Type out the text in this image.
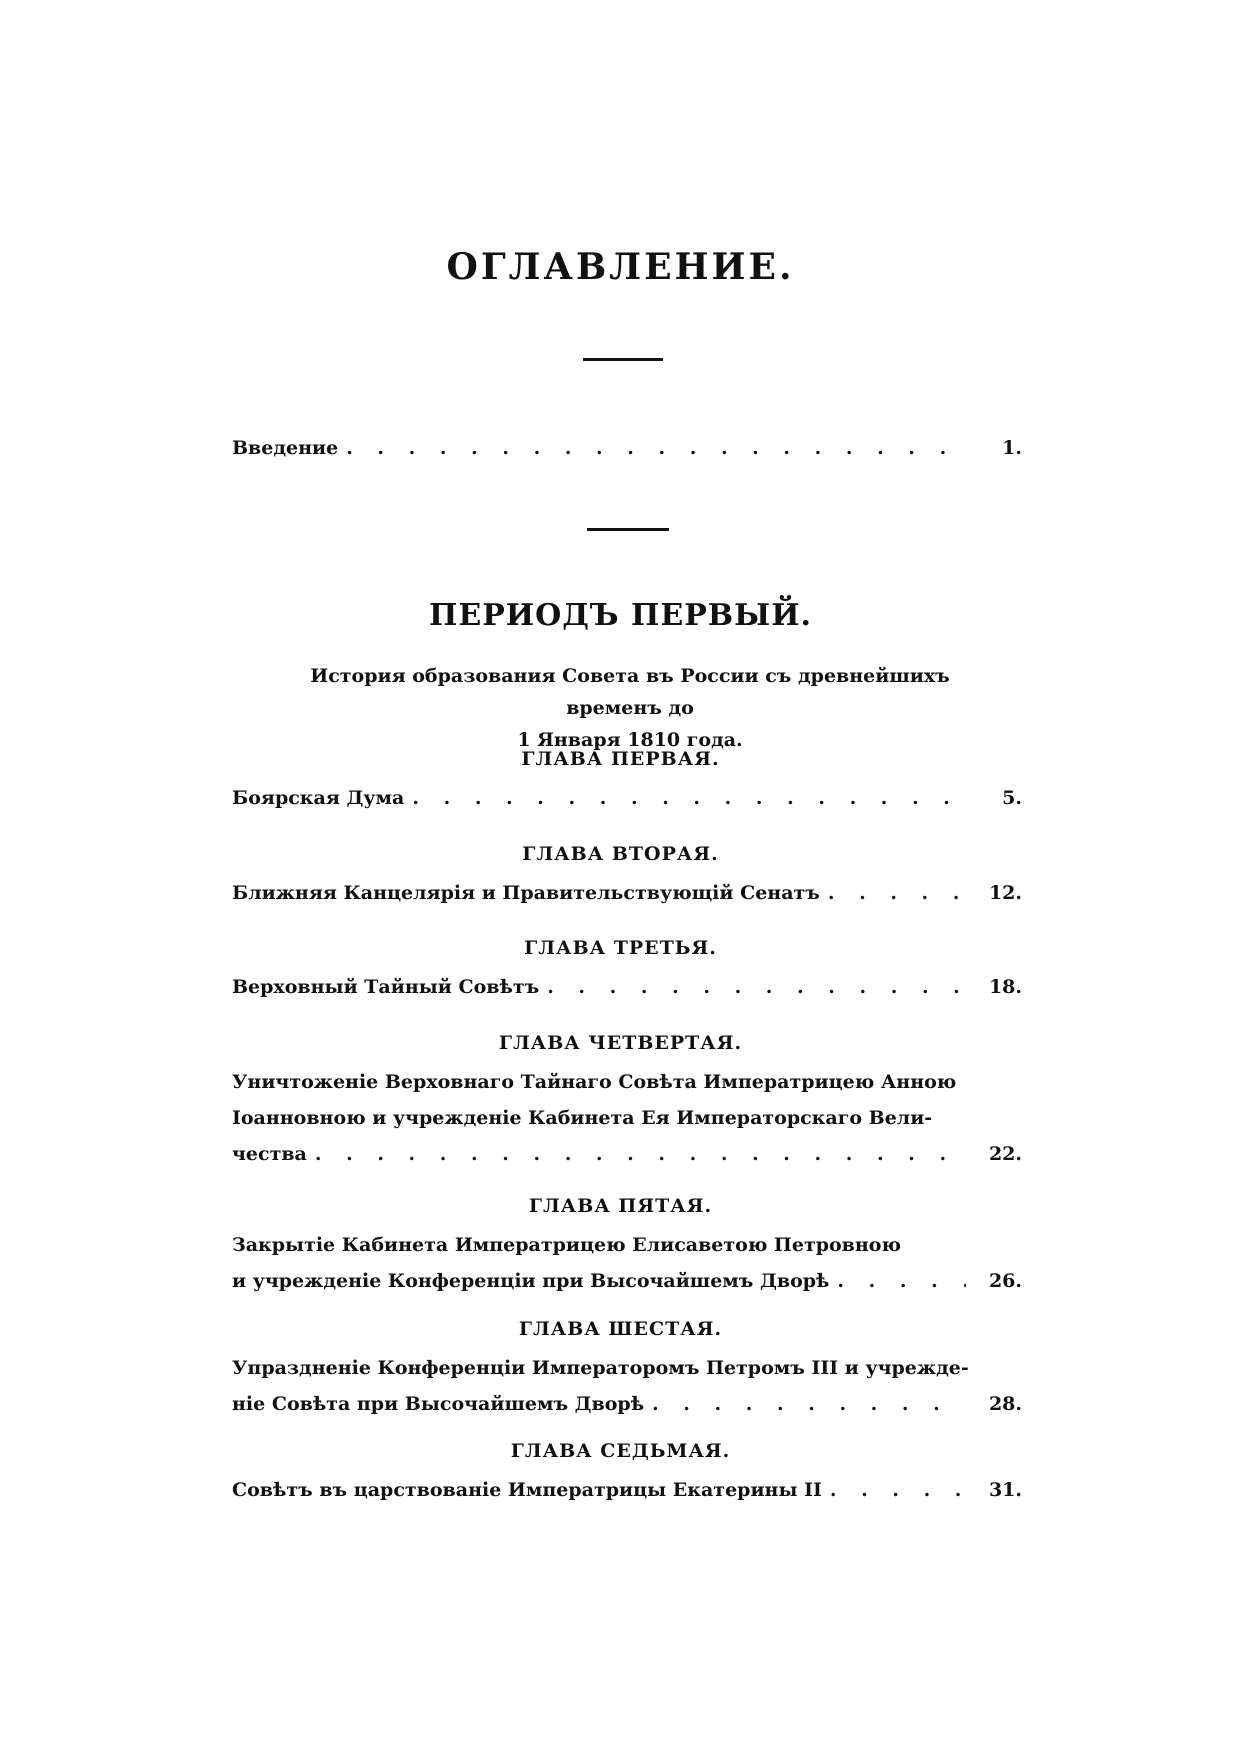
ОГЛАВЛЕНИЕ.
Введение . . .	1.
ПЕРИОДЪ ПЕРВЫЙ.
История образования Совета въ России съ древнейшихъ временъ до
1 Января 1810 года.
ГЛАВА ПЕРВАЯ.
Боярская Дума . . .	5.
ГЛАВА ВТОРАЯ.
Ближняя Канцелярія и Правительствующій Сенатъ . . .	12.
ГЛАВА ТРЕТЬЯ.
Верховный Тайный Совѣтъ . . .	18.
ГЛАВА ЧЕТВЕРТАЯ.
Уничтоженіе Верховнаго Тайнаго Совѣта Императрицею Анною
Іоанновною и учрежденіе Кабинета Ея Императорскаго Вели-
чества . . .	22.
ГЛАВА ПЯТАЯ.
Закрытіе Кабинета Императрицею Елисаветою Петровною
и учрежденіе Конференціи при Высочайшемъ Дворѣ . . .	26.
ГЛАВА ШЕСТАЯ.
Упраздненіе Конференціи Императоромъ Петромъ III и учрежде-
ніе Совѣта при Высочайшемъ Дворѣ . . .	28.
ГЛАВА СЕДЬМАЯ.
Совѣтъ въ царствованіе Императрицы Екатерины II . . .	31.
